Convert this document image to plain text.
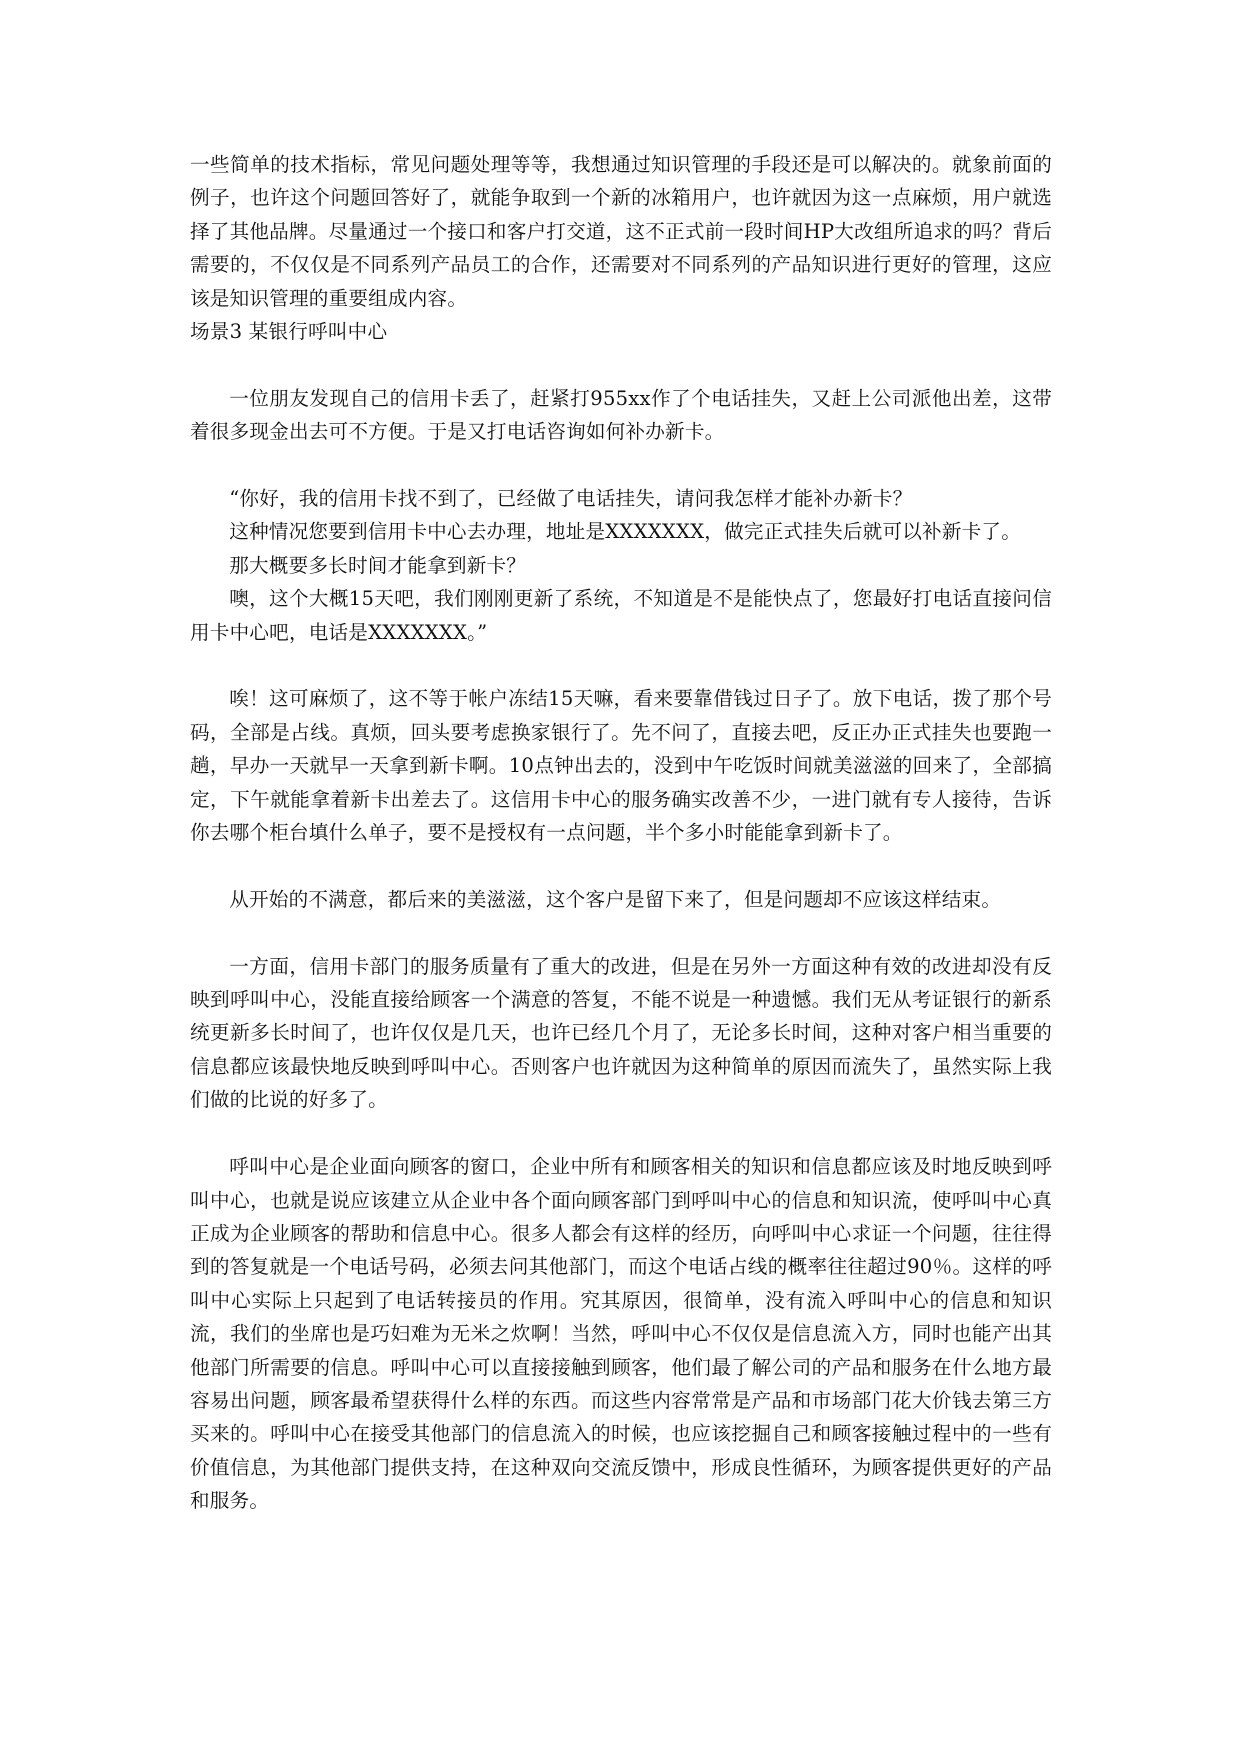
一些简单的技术指标，常见问题处理等等，我想通过知识管理的手段还是可以解决的。就象前面的例子，也许这个问题回答好了，就能争取到一个新的冰箱用户，也许就因为这一点麻烦，用户就选择了其他品牌。尽量通过一个接口和客户打交道，这不正式前一段时间HP大改组所追求的吗？背后需要的，不仅仅是不同系列产品员工的合作，还需要对不同系列的产品知识进行更好的管理，这应该是知识管理的重要组成内容。

场景3 某银行呼叫中心

一位朋友发现自己的信用卡丢了，赶紧打955xx作了个电话挂失，又赶上公司派他出差，这带着很多现金出去可不方便。于是又打电话咨询如何补办新卡。

“你好，我的信用卡找不到了，已经做了电话挂失，请问我怎样才能补办新卡？

这种情况您要到信用卡中心去办理，地址是XXXXXXX，做完正式挂失后就可以补新卡了。

那大概要多长时间才能拿到新卡？

噢，这个大概15天吧，我们刚刚更新了系统，不知道是不是能快点了，您最好打电话直接问信用卡中心吧，电话是XXXXXXX。”

唉！这可麻烦了，这不等于帐户冻结15天嘛，看来要靠借钱过日子了。放下电话，拨了那个号码，全部是占线。真烦，回头要考虑换家银行了。先不问了，直接去吧，反正办正式挂失也要跑一趟，早办一天就早一天拿到新卡啊。10点钟出去的，没到中午吃饭时间就美滋滋的回来了，全部搞定，下午就能拿着新卡出差去了。这信用卡中心的服务确实改善不少，一进门就有专人接待，告诉你去哪个柜台填什么单子，要不是授权有一点问题，半个多小时能能拿到新卡了。

从开始的不满意，都后来的美滋滋，这个客户是留下来了，但是问题却不应该这样结束。

一方面，信用卡部门的服务质量有了重大的改进，但是在另外一方面这种有效的改进却没有反映到呼叫中心，没能直接给顾客一个满意的答复，不能不说是一种遗憾。我们无从考证银行的新系统更新多长时间了，也许仅仅是几天，也许已经几个月了，无论多长时间，这种对客户相当重要的信息都应该最快地反映到呼叫中心。否则客户也许就因为这种简单的原因而流失了，虽然实际上我们做的比说的好多了。

呼叫中心是企业面向顾客的窗口，企业中所有和顾客相关的知识和信息都应该及时地反映到呼叫中心，也就是说应该建立从企业中各个面向顾客部门到呼叫中心的信息和知识流，使呼叫中心真正成为企业顾客的帮助和信息中心。很多人都会有这样的经历，向呼叫中心求证一个问题，往往得到的答复就是一个电话号码，必须去问其他部门，而这个电话占线的概率往往超过90％。这样的呼叫中心实际上只起到了电话转接员的作用。究其原因，很简单，没有流入呼叫中心的信息和知识流，我们的坐席也是巧妇难为无米之炊啊！当然，呼叫中心不仅仅是信息流入方，同时也能产出其他部门所需要的信息。呼叫中心可以直接接触到顾客，他们最了解公司的产品和服务在什么地方最容易出问题，顾客最希望获得什么样的东西。而这些内容常常是产品和市场部门花大价钱去第三方买来的。呼叫中心在接受其他部门的信息流入的时候，也应该挖掘自己和顾客接触过程中的一些有价值信息，为其他部门提供支持，在这种双向交流反馈中，形成良性循环，为顾客提供更好的产品和服务。
